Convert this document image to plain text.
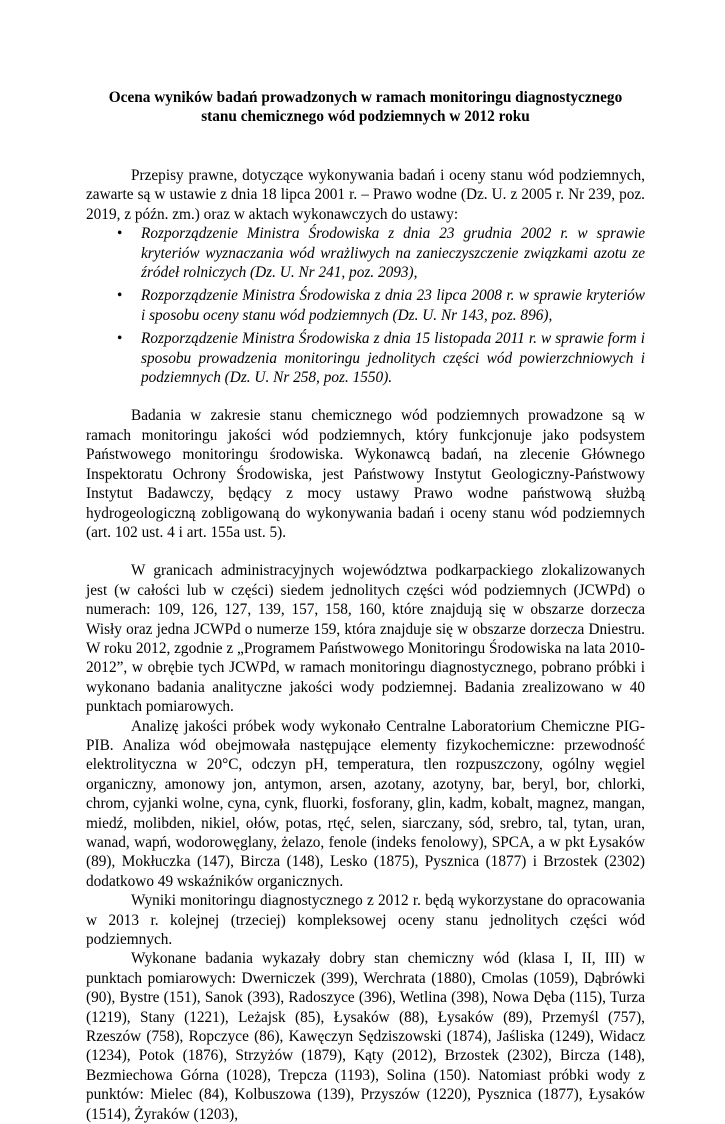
Ocena wyników badań prowadzonych w ramach monitoringu diagnostycznego
stanu chemicznego wód podziemnych w 2012 roku

Przepisy prawne, dotyczące wykonywania badań i oceny stanu wód podziemnych, zawarte są w ustawie z dnia 18 lipca 2001 r. – Prawo wodne (Dz. U. z 2005 r. Nr 239, poz. 2019, z późn. zm.) oraz w aktach wykonawczych do ustawy:

• Rozporządzenie Ministra Środowiska z dnia 23 grudnia 2002 r. w sprawie kryteriów wyznaczania wód wrażliwych na zanieczyszczenie związkami azotu ze źródeł rolniczych (Dz. U. Nr 241, poz. 2093),
• Rozporządzenie Ministra Środowiska z dnia 23 lipca 2008 r. w sprawie kryteriów i sposobu oceny stanu wód podziemnych (Dz. U. Nr 143, poz. 896),
• Rozporządzenie Ministra Środowiska z dnia 15 listopada 2011 r. w sprawie form i sposobu prowadzenia monitoringu jednolitych części wód powierzchniowych i podziemnych (Dz. U. Nr 258, poz. 1550).

Badania w zakresie stanu chemicznego wód podziemnych prowadzone są w ramach monitoringu jakości wód podziemnych, który funkcjonuje jako podsystem Państwowego monitoringu środowiska. Wykonawcą badań, na zlecenie Głównego Inspektoratu Ochrony Środowiska, jest Państwowy Instytut Geologiczny-Państwowy Instytut Badawczy, będący z mocy ustawy Prawo wodne państwową służbą hydrogeologiczną zobligowaną do wykonywania badań i oceny stanu wód podziemnych (art. 102 ust. 4 i art. 155a ust. 5).

W granicach administracyjnych województwa podkarpackiego zlokalizowanych jest (w całości lub w części) siedem jednolitych części wód podziemnych (JCWPd) o numerach: 109, 126, 127, 139, 157, 158, 160, które znajdują się w obszarze dorzecza Wisły oraz jedna JCWPd o numerze 159, która znajduje się w obszarze dorzecza Dniestru. W roku 2012, zgodnie z „Programem Państwowego Monitoringu Środowiska na lata 2010-2012”, w obrębie tych JCWPd, w ramach monitoringu diagnostycznego, pobrano próbki i wykonano badania analityczne jakości wody podziemnej. Badania zrealizowano w 40 punktach pomiarowych.

Analizę jakości próbek wody wykonało Centralne Laboratorium Chemiczne PIG-PIB. Analiza wód obejmowała następujące elementy fizykochemiczne: przewodność elektrolityczna w 20°C, odczyn pH, temperatura, tlen rozpuszczony, ogólny węgiel organiczny, amonowy jon, antymon, arsen, azotany, azotyny, bar, beryl, bor, chlorki, chrom, cyjanki wolne, cyna, cynk, fluorki, fosforany, glin, kadm, kobalt, magnez, mangan, miedź, molibden, nikiel, ołów, potas, rtęć, selen, siarczany, sód, srebro, tal, tytan, uran, wanad, wapń, wodorowęglany, żelazo, fenole (indeks fenolowy), SPCA, a w pkt Łysaków (89), Mokłuczka (147), Bircza (148), Lesko (1875), Pysznica (1877) i Brzostek (2302) dodatkowo 49 wskaźników organicznych.

Wyniki monitoringu diagnostycznego z 2012 r. będą wykorzystane do opracowania w 2013 r. kolejnej (trzeciej) kompleksowej oceny stanu jednolitych części wód podziemnych.

Wykonane badania wykazały dobry stan chemiczny wód (klasa I, II, III) w punktach pomiarowych: Dwerniczek (399), Werchrata (1880), Cmolas (1059), Dąbrówki (90), Bystre (151), Sanok (393), Radoszyce (396), Wetlina (398), Nowa Dęba (115), Turza (1219), Stany (1221), Leżajsk (85), Łysaków (88), Łysaków (89), Przemyśl (757), Rzeszów (758), Ropczyce (86), Kawęczyn Sędziszowski (1874), Jaśliska (1249), Widacz (1234), Potok (1876), Strzyżów (1879), Kąty (2012), Brzostek (2302), Bircza (148), Bezmiechowa Górna (1028), Trepcza (1193), Solina (150). Natomiast próbki wody z punktów: Mielec (84), Kolbuszowa (139), Przyszów (1220), Pysznica (1877), Łysaków (1514), Żyraków (1203),
